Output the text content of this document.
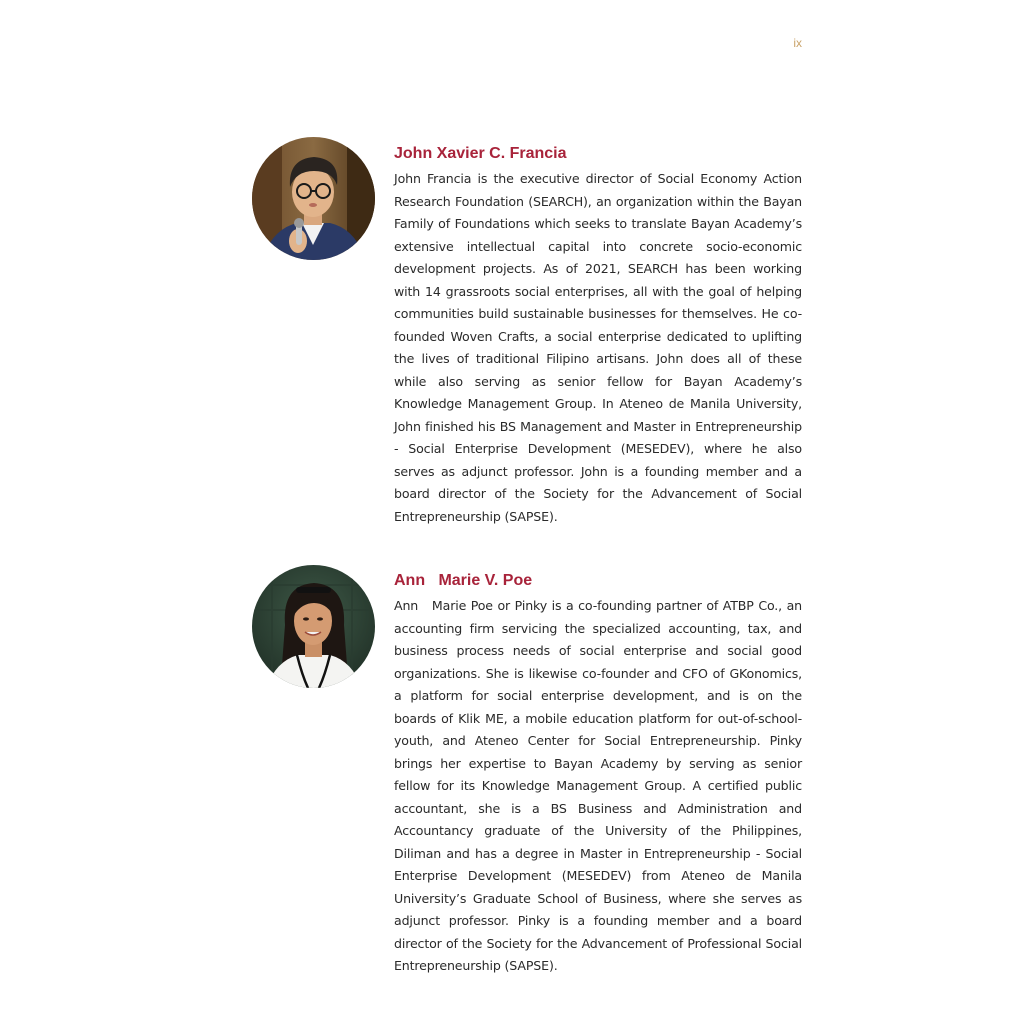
ix
John Xavier C. Francia

John Francia is the executive director of Social Economy Action Research Foundation (SEARCH), an organization within the Bayan Family of Foundations which seeks to translate Bayan Academy’s extensive intellectual capital into concrete socio-economic development projects. As of 2021, SEARCH has been working with 14 grassroots social enterprises, all with the goal of helping communities build sustainable businesses for themselves. He co-founded Woven Crafts, a social enterprise dedicated to uplifting the lives of traditional Filipino artisans. John does all of these while also serving as senior fellow for Bayan Academy’s Knowledge Management Group. In Ateneo de Manila University, John finished his BS Management and Master in Entrepreneurship - Social Enterprise Development (MESEDEV), where he also serves as adjunct professor. John is a founding member and a board director of the Society for the Advancement of Social Entrepreneurship (SAPSE).

Ann   Marie V. Poe

Ann   Marie Poe or Pinky is a co-founding partner of ATBP Co., an accounting firm servicing the specialized accounting, tax, and business process needs of social enterprise and social good organizations. She is likewise co-founder and CFO of GKonomics, a platform for social enterprise development, and is on the boards of Klik ME, a mobile education platform for out-of-school-youth, and Ateneo Center for Social Entrepreneurship. Pinky brings her expertise to Bayan Academy by serving as senior fellow for its Knowledge Management Group. A certified public accountant, she is a BS Business and Administration and Accountancy graduate of the University of the Philippines, Diliman and has a degree in Master in Entrepreneurship - Social Enterprise Development (MESEDEV) from Ateneo de Manila University’s Graduate School of Business, where she serves as adjunct professor. Pinky is a founding member and a board director of the Society for the Advancement of Professional Social Entrepreneurship (SAPSE).
